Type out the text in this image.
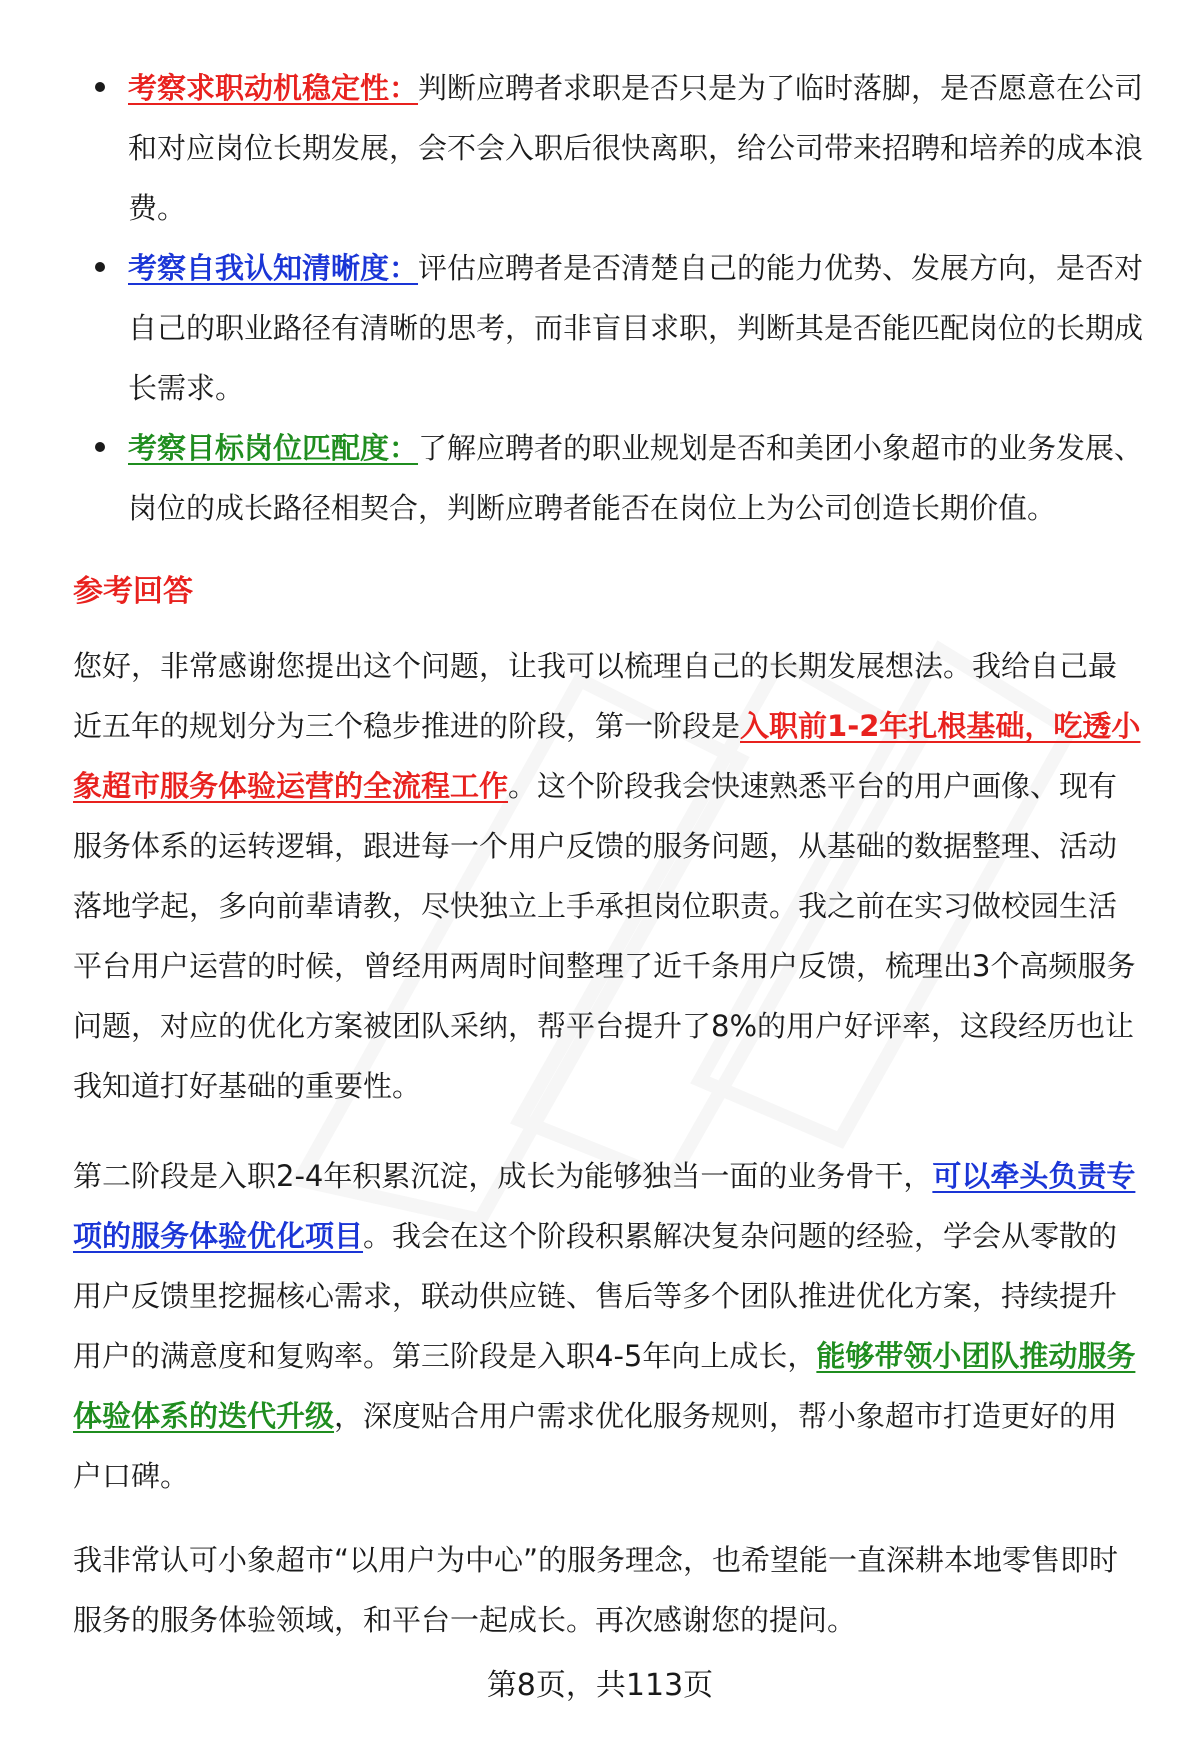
考察求职动机稳定性：判断应聘者求职是否只是为了临时落脚，是否愿意在公司和对应岗位长期发展，会不会入职后很快离职，给公司带来招聘和培养的成本浪费。
考察自我认知清晰度：评估应聘者是否清楚自己的能力优势、发展方向，是否对自己的职业路径有清晰的思考，而非盲目求职，判断其是否能匹配岗位的长期成长需求。
考察目标岗位匹配度：了解应聘者的职业规划是否和美团小象超市的业务发展、岗位的成长路径相契合，判断应聘者能否在岗位上为公司创造长期价值。
参考回答

您好，非常感谢您提出这个问题，让我可以梳理自己的长期发展想法。我给自己最近五年的规划分为三个稳步推进的阶段，第一阶段是入职前1-2年扎根基础，吃透小象超市服务体验运营的全流程工作。这个阶段我会快速熟悉平台的用户画像、现有服务体系的运转逻辑，跟进每一个用户反馈的服务问题，从基础的数据整理、活动落地学起，多向前辈请教，尽快独立上手承担岗位职责。我之前在实习做校园生活平台用户运营的时候，曾经用两周时间整理了近千条用户反馈，梳理出3个高频服务问题，对应的优化方案被团队采纳，帮平台提升了8%的用户好评率，这段经历也让我知道打好基础的重要性。

第二阶段是入职2-4年积累沉淀，成长为能够独当一面的业务骨干，可以牵头负责专项的服务体验优化项目。我会在这个阶段积累解决复杂问题的经验，学会从零散的用户反馈里挖掘核心需求，联动供应链、售后等多个团队推进优化方案，持续提升用户的满意度和复购率。第三阶段是入职4-5年向上成长，能够带领小团队推动服务体验体系的迭代升级，深度贴合用户需求优化服务规则，帮小象超市打造更好的用户口碑。

我非常认可小象超市“以用户为中心”的服务理念，也希望能一直深耕本地零售即时服务的服务体验领域，和平台一起成长。再次感谢您的提问。

第8页，共113页
